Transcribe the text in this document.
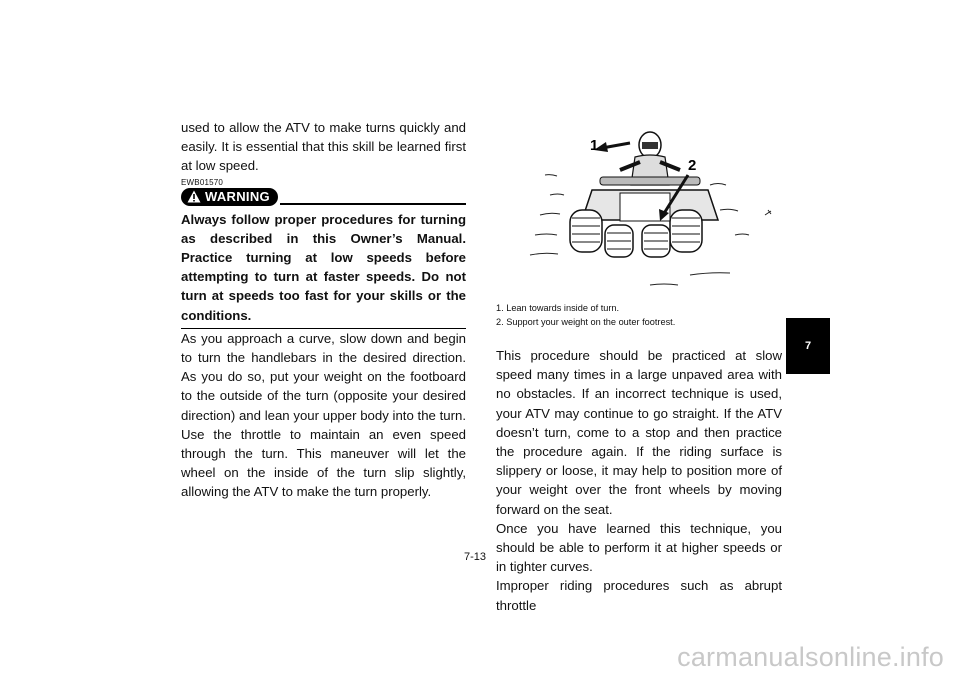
used to allow the ATV to make turns quickly and easily. It is essential that this skill be learned first at low speed.

EWB01570
WARNING

Always follow proper procedures for turning as described in this Owner’s Manual. Practice turning at low speeds before attempting to turn at faster speeds. Do not turn at speeds too fast for your skills or the conditions.

As you approach a curve, slow down and begin to turn the handlebars in the desired direction. As you do so, put your weight on the footboard to the outside of the turn (opposite your desired direction) and lean your upper body into the turn. Use the throttle to maintain an even speed through the turn. This maneuver will let the wheel on the inside of the turn slip slightly, allowing the ATV to make the turn properly.

1
2
1. Lean towards inside of turn.
2. Support your weight on the outer footrest.

This procedure should be practiced at slow speed many times in a large unpaved area with no obstacles. If an incorrect technique is used, your ATV may continue to go straight. If the ATV doesn’t turn, come to a stop and then practice the procedure again. If the riding surface is slippery or loose, it may help to position more of your weight over the front wheels by moving forward on the seat.

Once you have learned this technique, you should be able to perform it at higher speeds or in tighter curves.

Improper riding procedures such as abrupt throttle

7-13
7
carmanualsonline.info
